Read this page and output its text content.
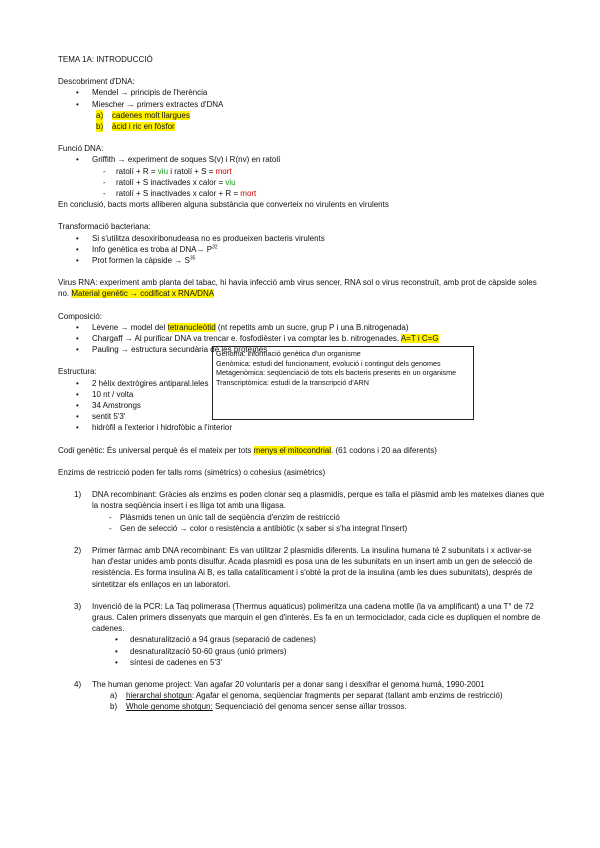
TEMA 1A: INTRODUCCIÓ

Descobriment d'DNA:

• Mendel → principis de l'herència
• Miescher → primers extractes d'DNA
a) cadenes molt llargues
b) àcid i ric en fòsfor

Funció DNA:

• Griffith → experiment de soques S(v) i R(nv) en ratolí
- ratolí + R = viu i ratolí + S = mort
- ratolí + S inactivades x calor = viu
- ratolí + S inactivades x calor + R = mort

En conclusió, bacts morts alliberen alguna substància que converteix no virulents en virulents

Transformació bacteriana:

• Si s'utilitza desoxiribonudeasa no es produeixen bacteris virulents
• Info genètica es troba al $DNA\to P^{32}$
• Prot formen la càpside → $S^{35}$

Virus RNA: experiment amb planta del tabac, hi havia infecció amb virus sencer, RNA sol o virus reconstruït, amb prot de càpside soles no. Material genètic → codificat x RNA/DNA

Composició:

• Levene → model del tetranucleòtid (nt repetits amb un sucre, grup P i una B.nitrogenada)
• Chargaff → Al purificar DNA va trencar e. fosfodièster i va comptar les b. nitrogenades. A=T i C=G
• Pauling → estructura secundària de les proteïnes

Estructura:

• 2 hèlix dextrògires antiparal.leles
• 10 nt / volta
• 34 Amstrongs
• sentit 5'3'
• hidròfil a l'exterior i hidrofòbic a l'interior

Codi genètic: És universal perquè és el mateix per tots menys el mitocondrial. (61 codons i 20 aa diferents)

Enzims de restricció poden fer talls roms (simètrics) o cohesius (asimètrics)

1) DNA recombinant: Gràcies als enzims es poden clonar seq a plasmidis, perque es talla el plàsmid amb les mateixes dianes que la nostra seqüència insert i es lliga tot amb una lligasa.

- Plàsmids tenen un únic tall de seqüència d'enzim de restricció
- Gen de selecció → color o resistència a antibiòtic (x saber si s'ha integrat l'insert)
2) Primer fàrmac amb DNA recombinant: Es van utilitzar 2 plasmidis diferents. La insulina humana té 2 subunitats i x activar-se han d'estar unides amb ponts disulfur. Acada plasmidi es posa una de les subunitats en un insert amb un gen de selecció de resistència. Es forma insulina Ai B, es talla catalíticament i s'obté la prot de la insulina (amb les dues subunitats), després de sintetitzar els enllaços en un laboratori.

3) Invenció de la PCR: La Taq polimerasa (Thermus aquaticus) polimeritza una cadena motlle (la va amplificant) a una T° de 72 graus. Calen primers dissenyats que marquin el gen d'interès. Es fa en un termociclador, cada cicle es dupliquen el nombre de cadenes.

• desnaturalització a 94 graus (separació de cadenes)
• desnaturalització 50-60 graus (unió primers)
• síntesi de cadenes en 5'3'
4) The human genome project: Van agafar 20 voluntaris per a donar sang i desxifrar el genoma humà, 1990-2001

a) hierarchal shotgun: Agafar el genoma, seqüenciar fragments per separat (tallant amb enzims de restricció)
b) Whole genome shotgun: Sequenciació del genoma sencer sense aïllar trossos.

Genoma: informació genètica d'un organisme

Genòmica: estudi del funcionament, evolució i contingut dels genomes

Metagenòmica: seqüenciació de tots els bacteris presents en un organisme

Transcriptòmica: estudi de la transcripció d'ARN
